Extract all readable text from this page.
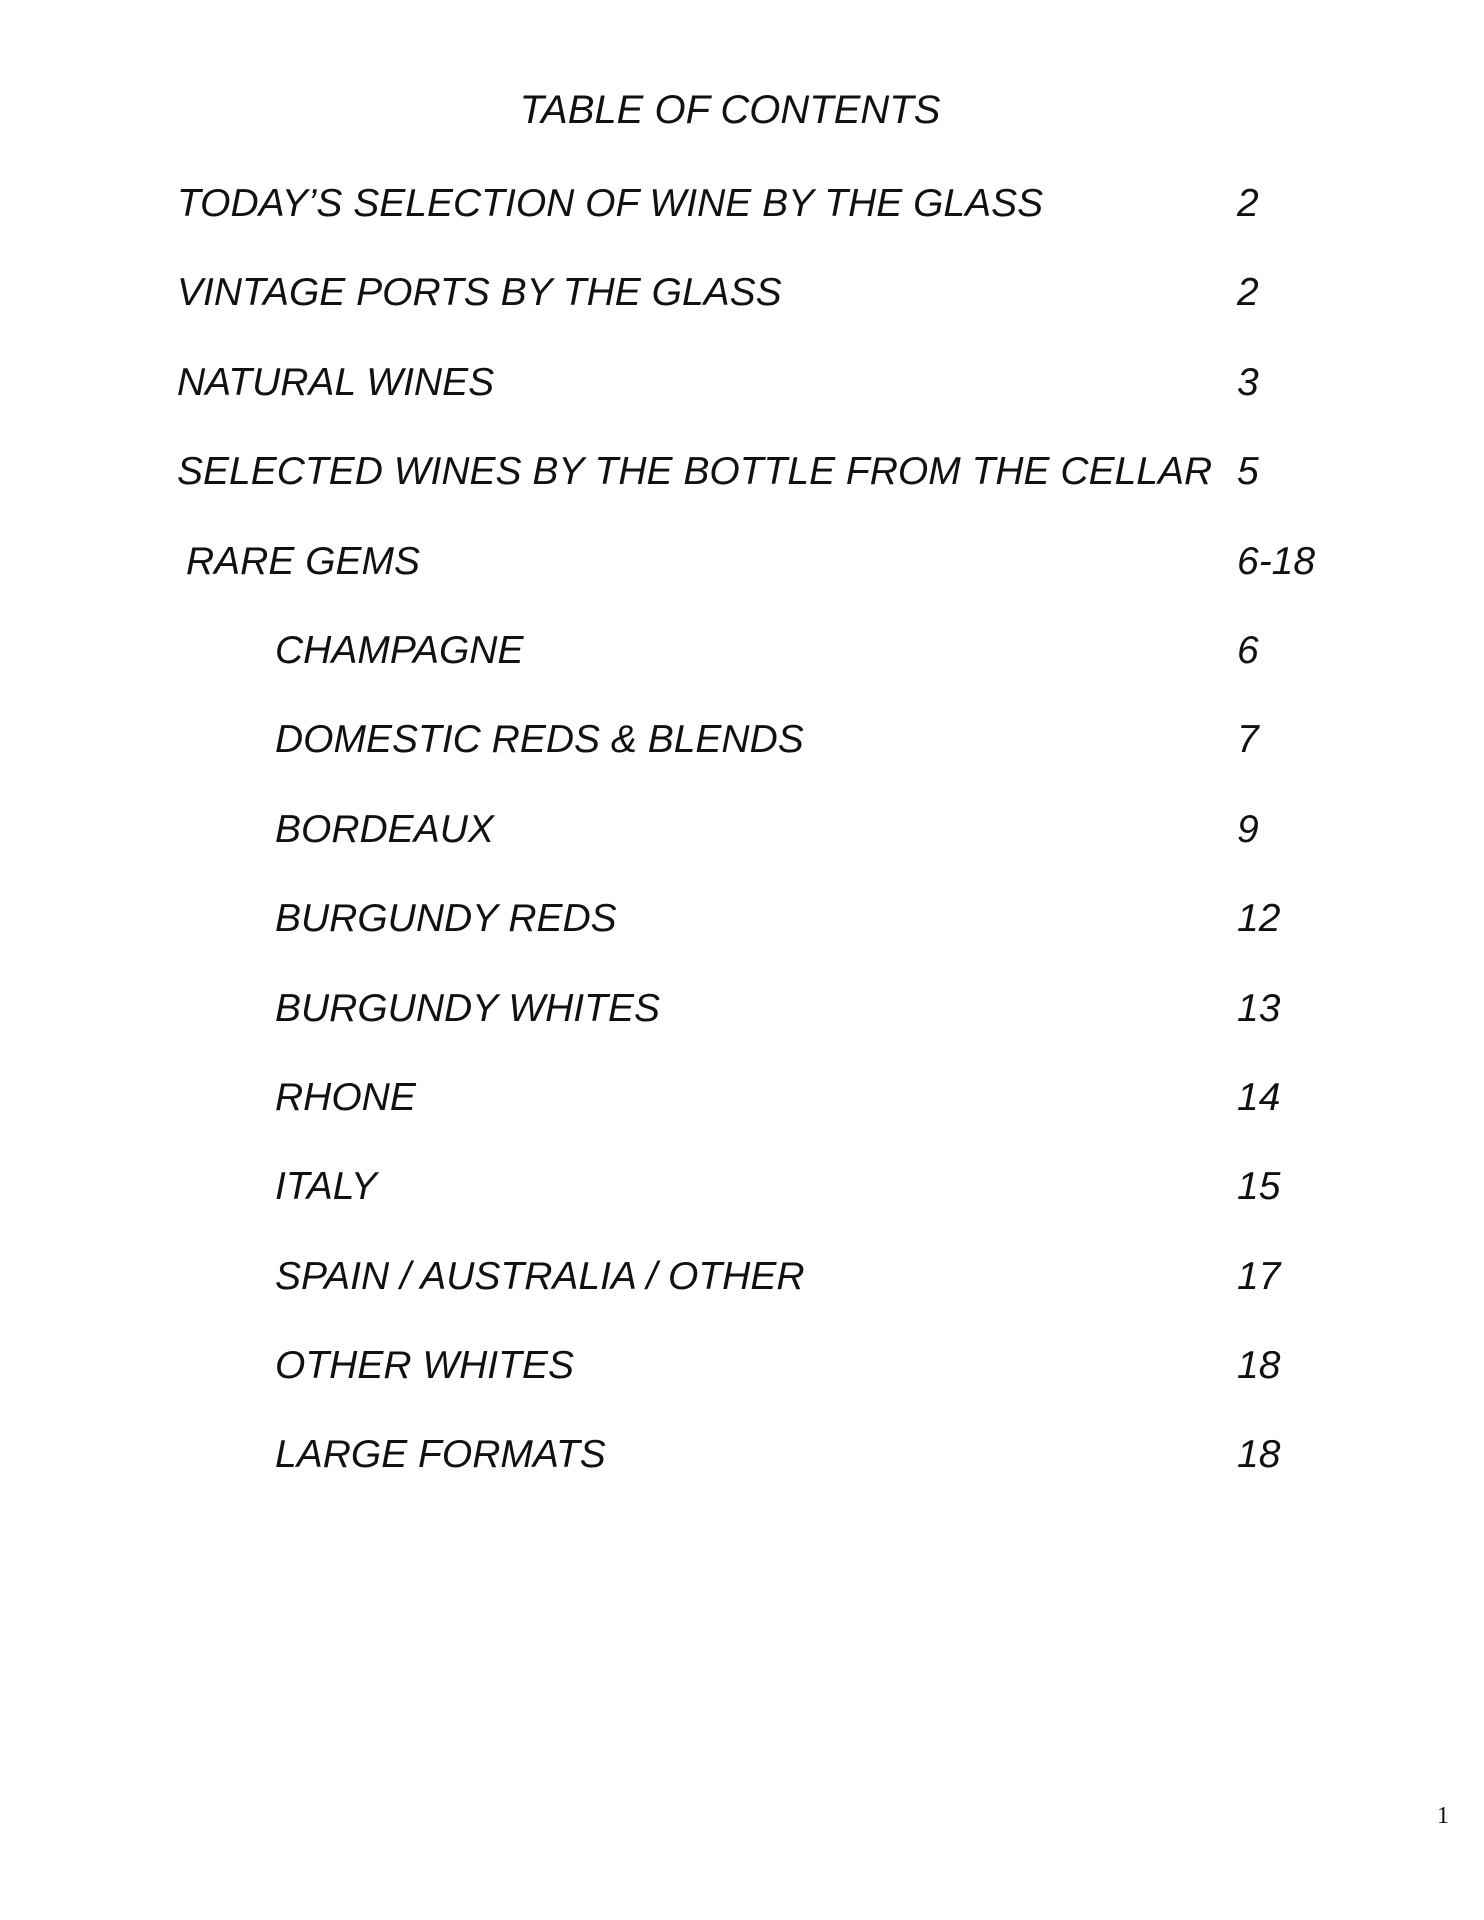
TABLE OF CONTENTS
TODAY’S SELECTION OF WINE BY THE GLASS	2
VINTAGE PORTS BY THE GLASS	2
NATURAL WINES	3
SELECTED WINES BY THE BOTTLE FROM THE CELLAR 5
RARE GEMS	6-18
CHAMPAGNE	6
DOMESTIC REDS & BLENDS	7
BORDEAUX	9
BURGUNDY REDS	12
BURGUNDY WHITES	13
RHONE	14
ITALY	15
SPAIN / AUSTRALIA / OTHER	17
OTHER WHITES	18
LARGE FORMATS	18
1
